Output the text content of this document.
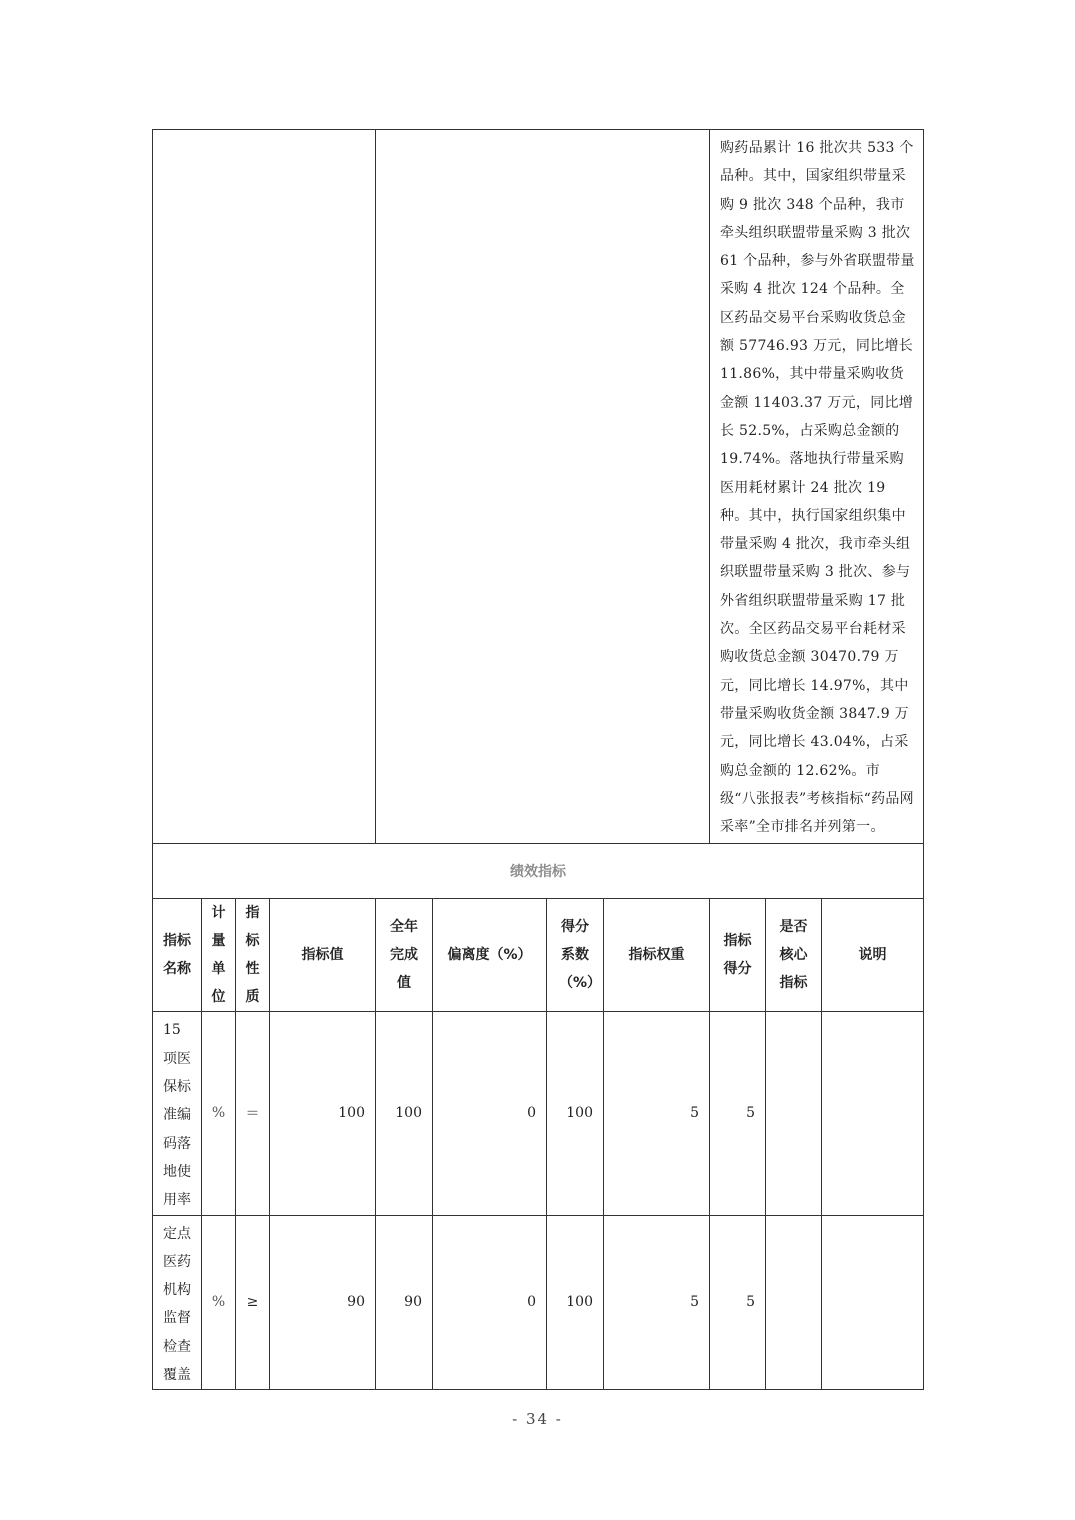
								购药品累计 16 批次共 533 个品种。其中，国家组织带量采购 9 批次 348 个品种，我市牵头组织联盟带量采购 3 批次 61 个品种，参与外省联盟带量采购 4 批次 124 个品种。全区药品交易平台采购收货总金额 57746.93 万元，同比增长 11.86%，其中带量采购收货金额 11403.37 万元，同比增长 52.5%，占采购总金额的 19.74%。落地执行带量采购医用耗材累计 24 批次 19 种。其中，执行国家组织集中带量采购 4 批次，我市牵头组织联盟带量采购 3 批次、参与外省组织联盟带量采购 17 批次。全区药品交易平台耗材采购收货总金额 30470.79 万元，同比增长 14.97%，其中带量采购收货金额 3847.9 万元，同比增长 43.04%，占采购总金额的 12.62%。市级“八张报表”考核指标“药品网采率”全市排名并列第一。		
绩效指标										
指标名称	计量单位	指标性质	指标值	全年完成值	偏离度（%）	得分系数（%）	指标权重	指标得分	是否核心指标	说明
15 项医保标准编码落地使用率	%	＝	100	100	0	100	5	5		
定点医药机构监督检查覆盖	%	≥	90	90	0	100	5	5		
- 34 -
